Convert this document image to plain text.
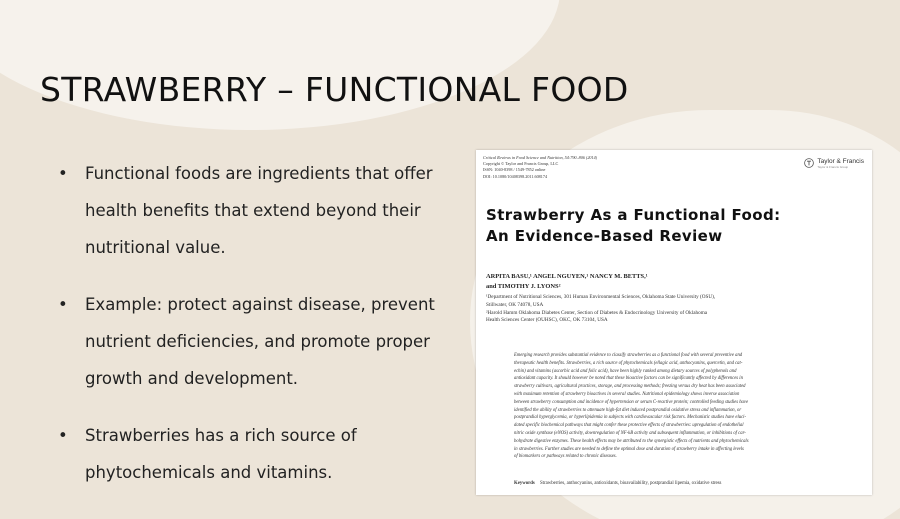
STRAWBERRY – FUNCTIONAL FOOD
• Functional foods are ingredients that offer health benefits that extend beyond their nutritional value.
• Example: protect against disease, prevent nutrient deficiencies, and promote proper growth and development.
• Strawberries has a rich source of phytochemicals and vitamins.
Critical Reviews in Food Science and Nutrition, 54:790–806 (2014)
Copyright © Taylor and Francis Group, LLC
ISSN: 1040-8398 / 1549-7852 online
DOI: 10.1080/10408398.2011.608174
Taylor & Francis
Taylor & Francis Group
Strawberry As a Functional Food:
An Evidence-Based Review
ARPITA BASU,¹ ANGEL NGUYEN,¹ NANCY M. BETTS,¹
and TIMOTHY J. LYONS²
¹Department of Nutritional Sciences, 301 Human Environmental Sciences, Oklahoma State University (OSU),
Stillwater, OK 74078, USA
²Harold Hamm Oklahoma Diabetes Center, Section of Diabetes & Endocrinology University of Oklahoma
Health Sciences Center (OUHSC), OKC, OK 73104, USA
Emerging research provides substantial evidence to classify strawberries as a functional food with several preventive and
therapeutic health benefits. Strawberries, a rich source of phytochemicals (ellagic acid, anthocyanins, quercetin, and cat-
echin) and vitamins (ascorbic acid and folic acid), have been highly ranked among dietary sources of polyphenols and
antioxidant capacity. It should however be noted that these bioactive factors can be significantly affected by differences in
strawberry cultivars, agricultural practices, storage, and processing methods; freezing versus dry heat has been associated
with maximum retention of strawberry bioactives in several studies. Nutritional epidemiology shows inverse association
between strawberry consumption and incidence of hypertension or serum C-reactive protein; controlled feeding studies have
identified the ability of strawberries to attenuate high-fat diet induced postprandial oxidative stress and inflammation, or
postprandial hyperglycemia, or hyperlipidemia in subjects with cardiovascular risk factors. Mechanistic studies have eluci-
dated specific biochemical pathways that might confer these protective effects of strawberries: upregulation of endothelial
nitric oxide synthase (eNOS) activity, downregulation of NF-kB activity and subsequent inflammation, or inhibitions of car-
bohydrate digestive enzymes. These health effects may be attributed to the synergistic effects of nutrients and phytochemicals
in strawberries. Further studies are needed to define the optimal dose and duration of strawberry intake in affecting levels
of biomarkers or pathways related to chronic diseases.
Keywords Strawberries, anthocyanins, antioxidants, bioavailability, postprandial lipemia, oxidative stress
